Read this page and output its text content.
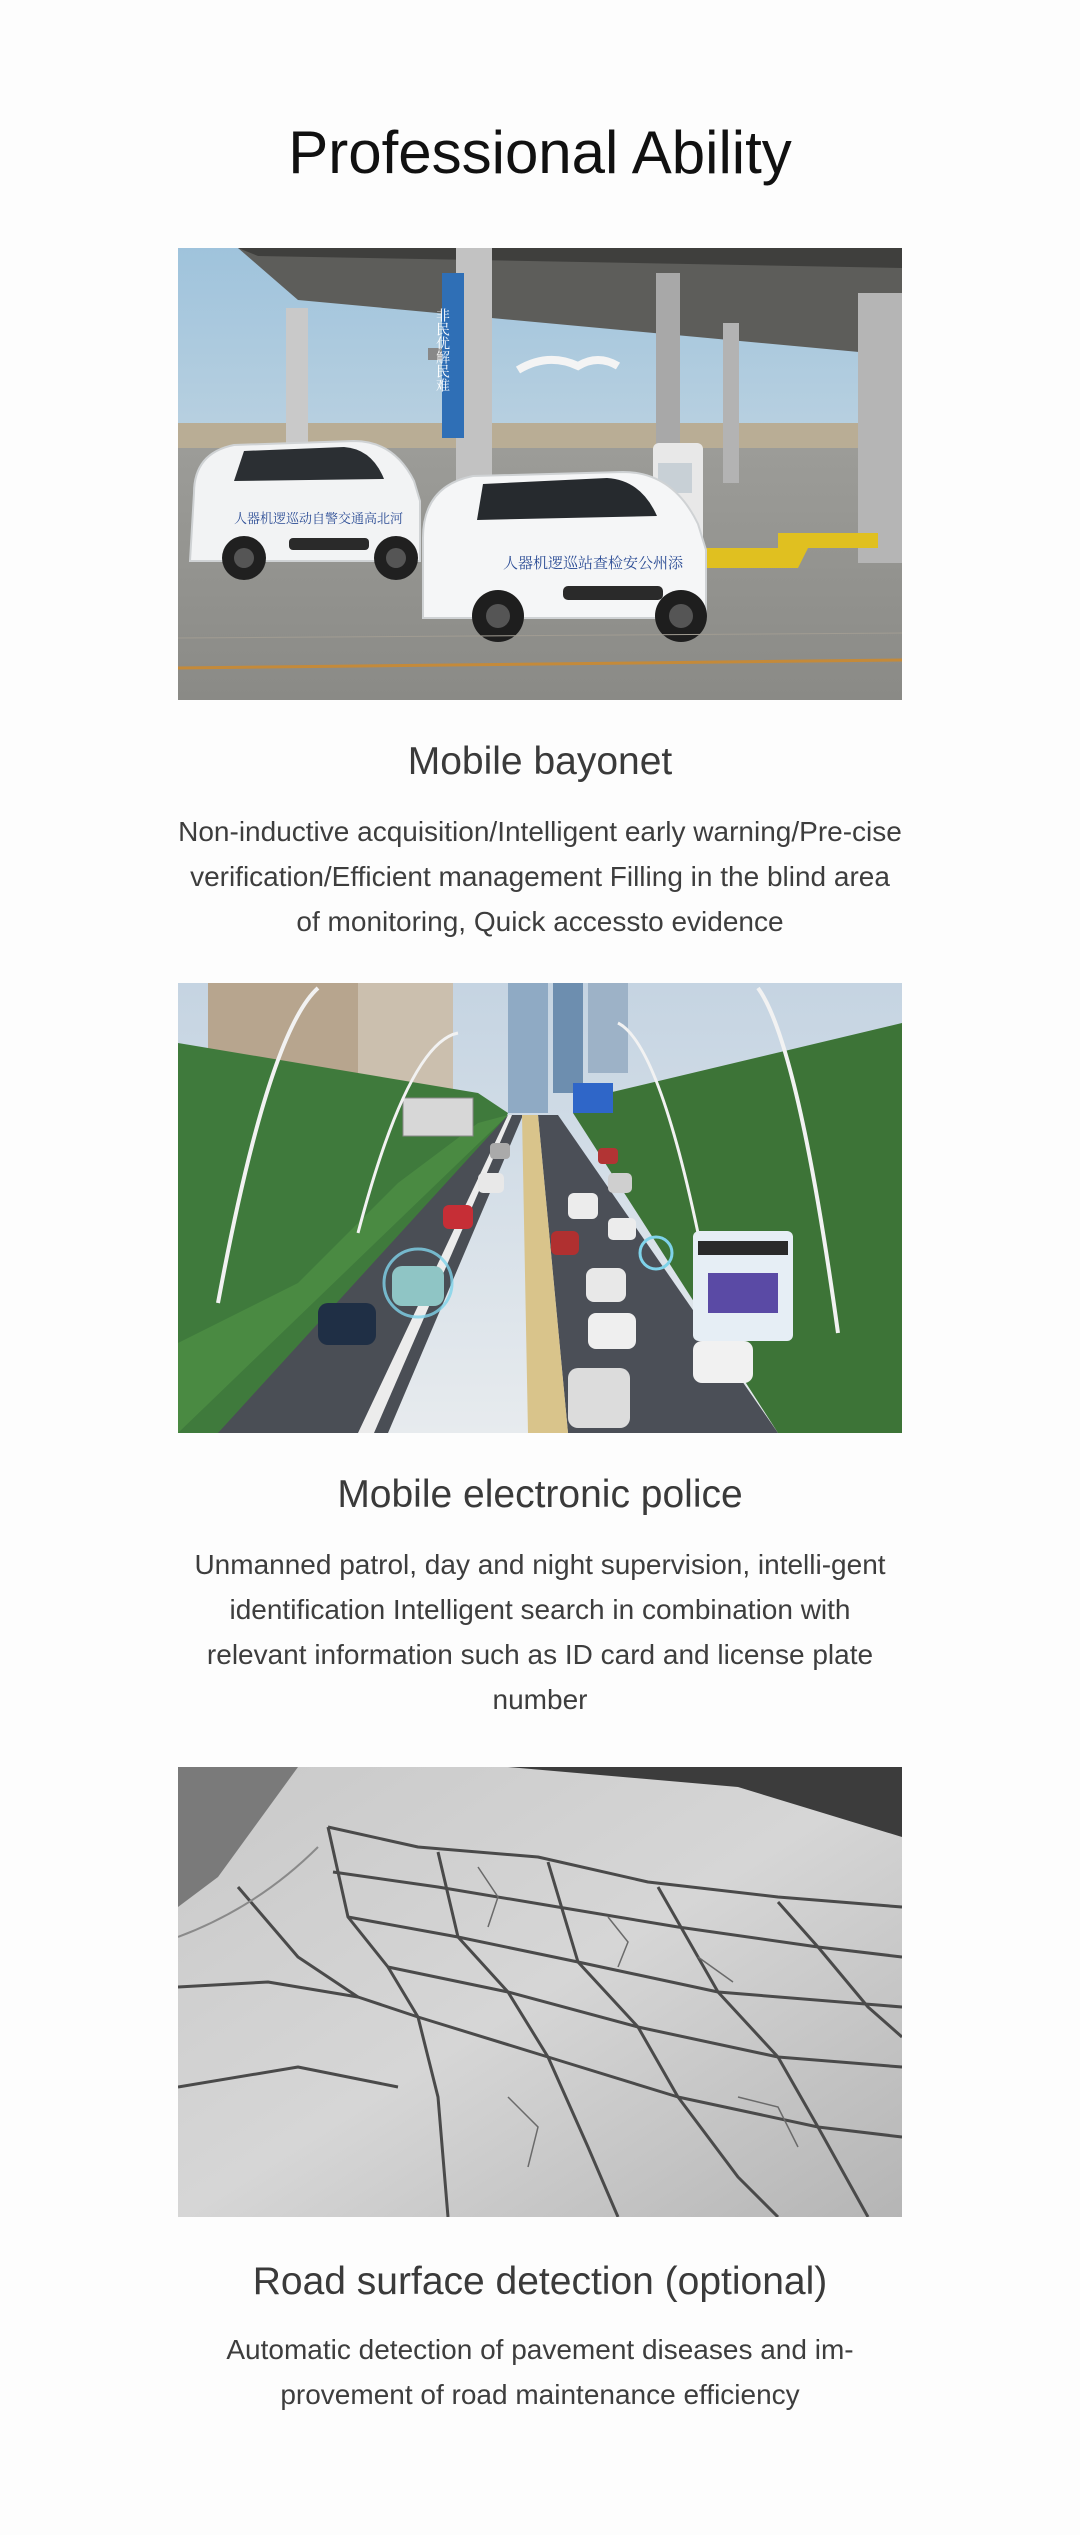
Professional Ability
人器机逻巡动自警交通高北河
人器机逻巡站查检安公州添
非民优解民难
Mobile bayonet

Non-inductive acquisition/Intelligent early warning/Pre-cise verification/Efficient management Filling in the blind area of monitoring, Quick accessto evidence

Mobile electronic police

Unmanned patrol, day and night supervision, intelli-gent identification Intelligent search in combination with relevant information such as ID card and license plate number

Road surface detection (optional)

Automatic detection of pavement diseases and im-provement of road maintenance efficiency
